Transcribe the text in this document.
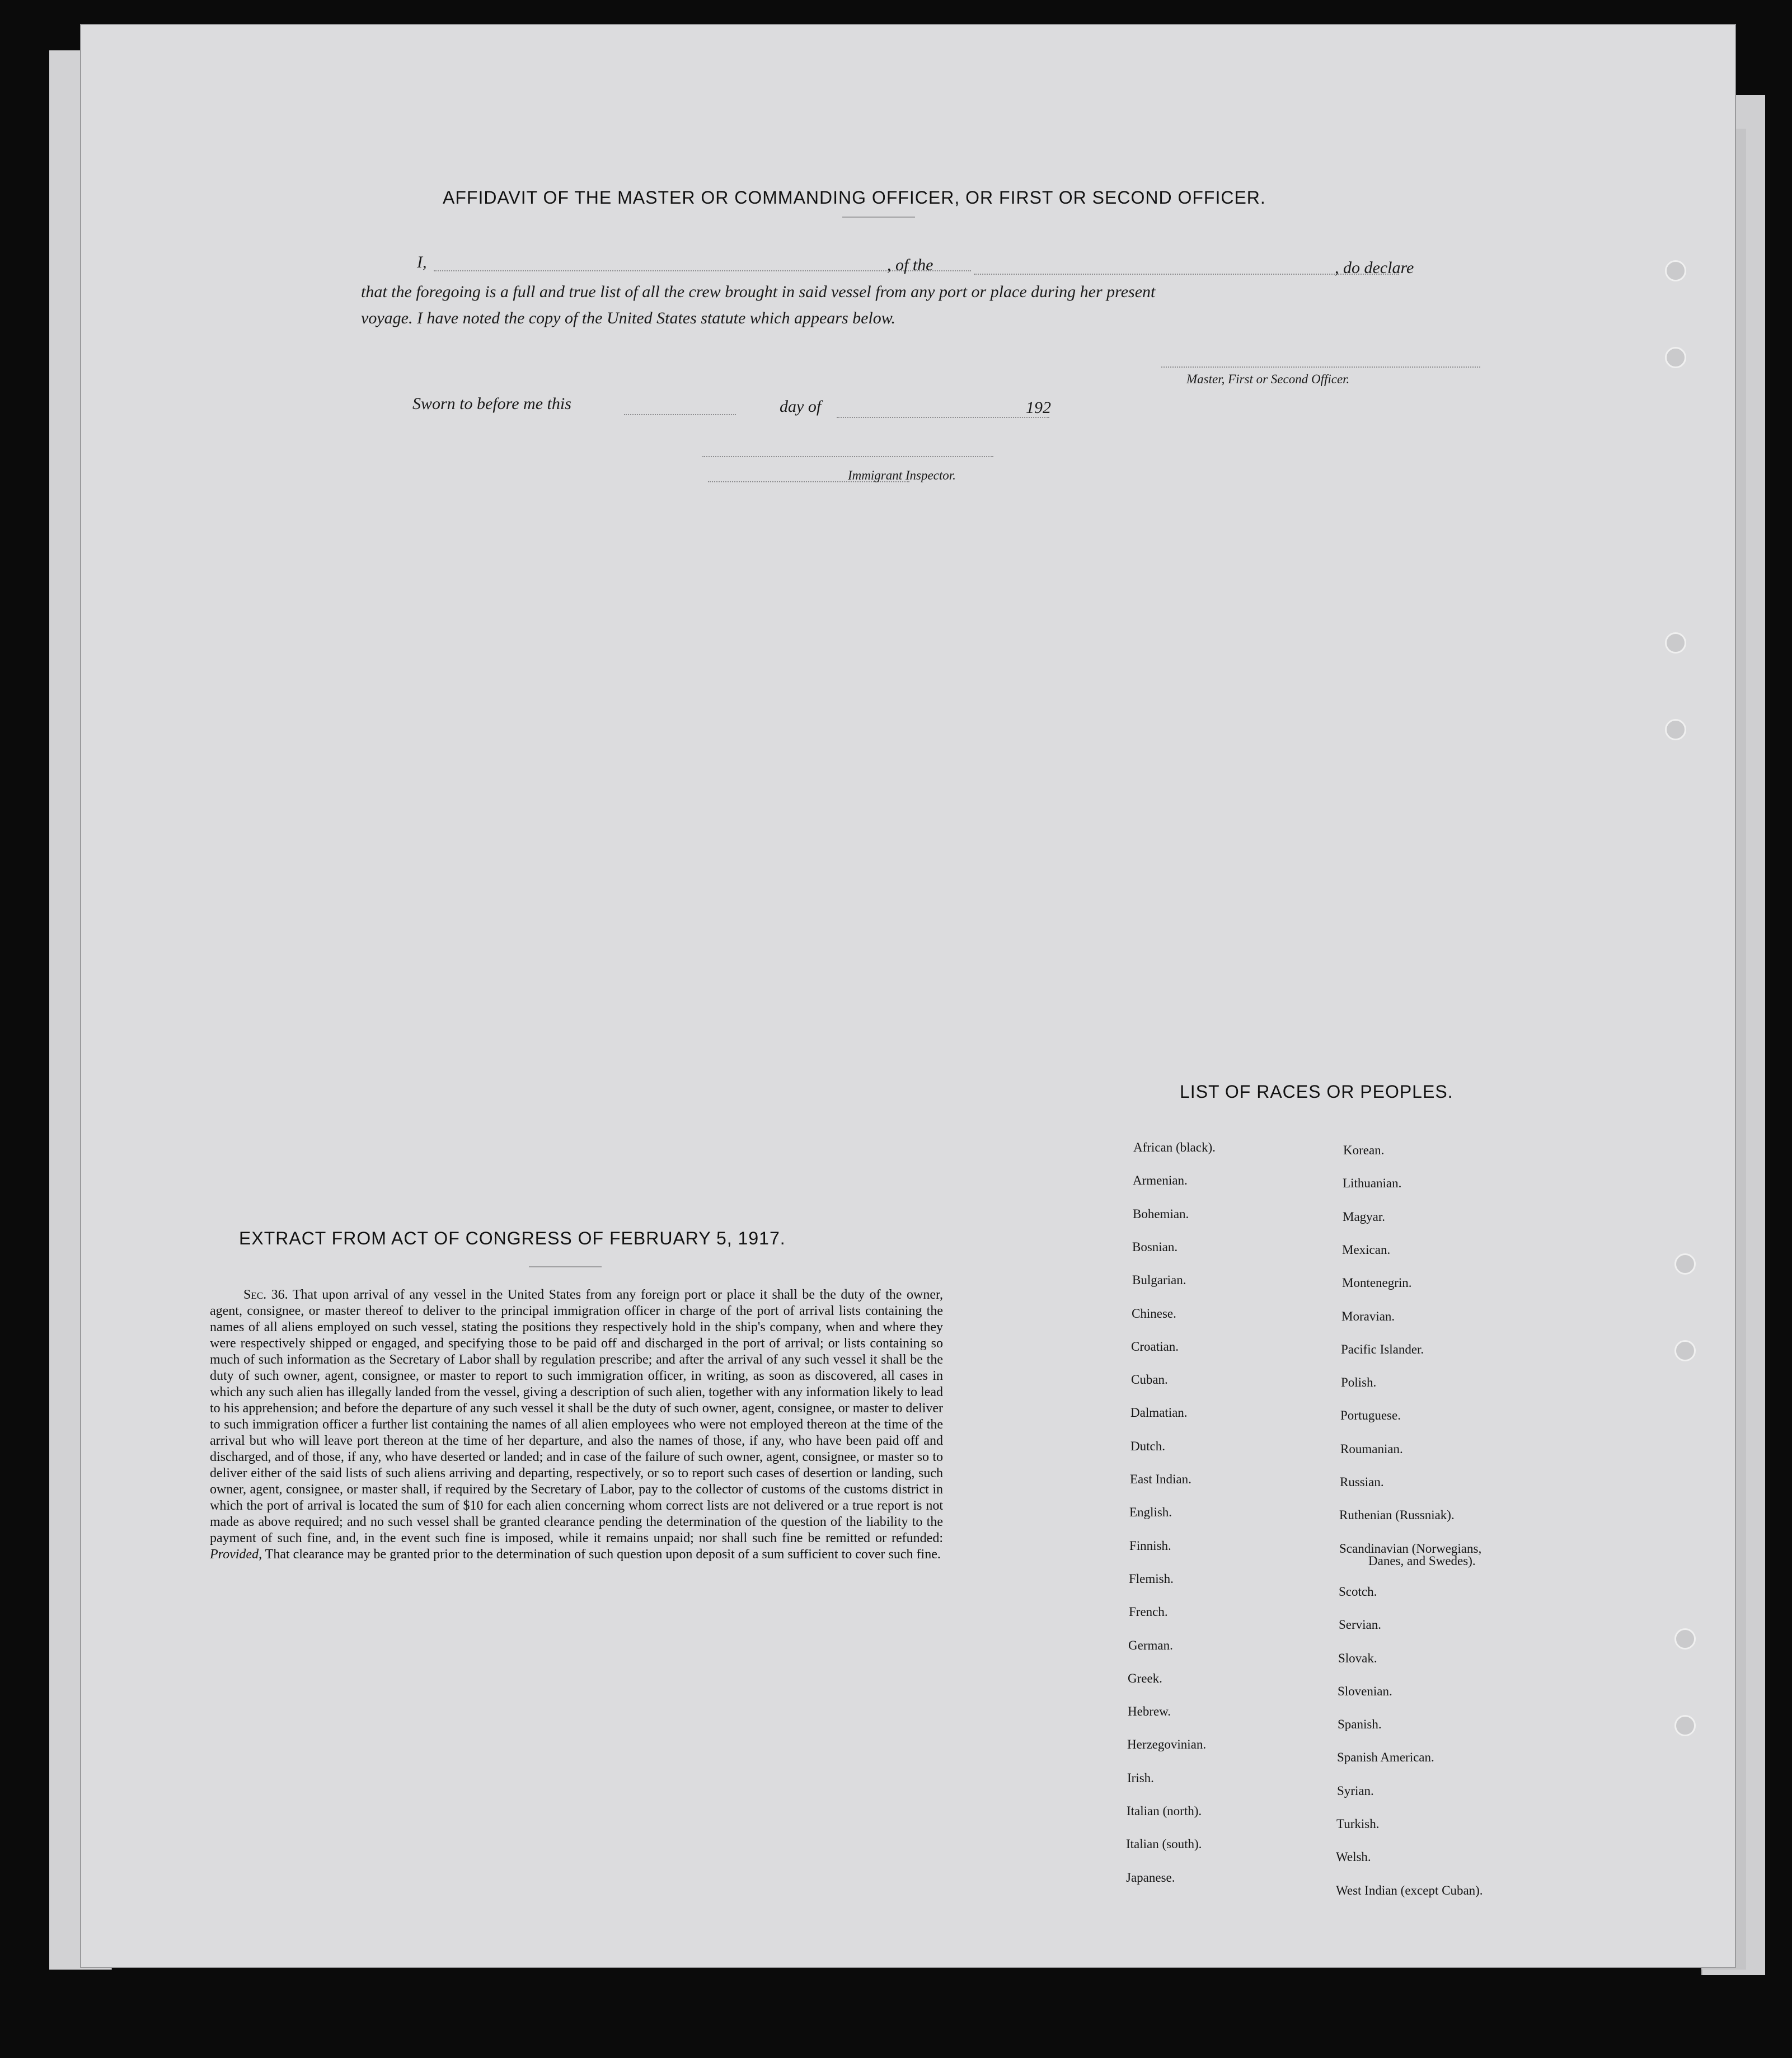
AFFIDAVIT OF THE MASTER OR COMMANDING OFFICER, OR FIRST OR SECOND OFFICER.
I,	, of the	, do declare
that the foregoing is a full and true list of all the crew brought in said vessel from any port or place during her present
voyage. I have noted the copy of the United States statute which appears below.
Master, First or Second Officer.
Sworn to before me this	day of	192
Immigrant Inspector.
EXTRACT FROM ACT OF CONGRESS OF FEBRUARY 5, 1917.
Sec. 36. That upon arrival of any vessel in the United States from any foreign port or place it shall be the duty of the owner, agent, consignee, or master thereof to deliver to the principal immigration officer in charge of the port of arrival lists containing the names of all aliens employed on such vessel, stating the positions they respectively hold in the ship's company, when and where they were respectively shipped or engaged, and specifying those to be paid off and discharged in the port of arrival; or lists containing so much of such information as the Secretary of Labor shall by regulation prescribe; and after the arrival of any such vessel it shall be the duty of such owner, agent, consignee, or master to report to such immigration officer, in writing, as soon as discovered, all cases in which any such alien has illegally landed from the vessel, giving a description of such alien, together with any information likely to lead to his apprehension; and before the departure of any such vessel it shall be the duty of such owner, agent, consignee, or master to deliver to such immigration officer a further list containing the names of all alien employees who were not employed thereon at the time of the arrival but who will leave port thereon at the time of her departure, and also the names of those, if any, who have been paid off and discharged, and of those, if any, who have deserted or landed; and in case of the failure of such owner, agent, consignee, or master so to deliver either of the said lists of such aliens arriving and departing, respectively, or so to report such cases of desertion or landing, such owner, agent, consignee, or master shall, if required by the Secretary of Labor, pay to the collector of customs of the customs district in which the port of arrival is located the sum of $10 for each alien concerning whom correct lists are not delivered or a true report is not made as above required; and no such vessel shall be granted clearance pending the determination of the question of the liability to the payment of such fine, and, in the event such fine is imposed, while it remains unpaid; nor shall such fine be remitted or refunded: Provided, That clearance may be granted prior to the determination of such question upon deposit of a sum sufficient to cover such fine.
LIST OF RACES OR PEOPLES.
Danes, and Swedes).
African (black).
Armenian.
Bohemian.
Bosnian.
Bulgarian.
Chinese.
Croatian.
Cuban.
Dalmatian.
Dutch.
East Indian.
English.
Finnish.
Flemish.
French.
German.
Greek.
Hebrew.
Herzegovinian.
Irish.
Italian (north).
Italian (south).
Japanese.
Korean.
Lithuanian.
Magyar.
Mexican.
Montenegrin.
Moravian.
Pacific Islander.
Polish.
Portuguese.
Roumanian.
Russian.
Ruthenian (Russniak).
Scandinavian (Norwegians,
Scotch.
Servian.
Slovak.
Slovenian.
Spanish.
Spanish American.
Syrian.
Turkish.
Welsh.
West Indian (except Cuban).
